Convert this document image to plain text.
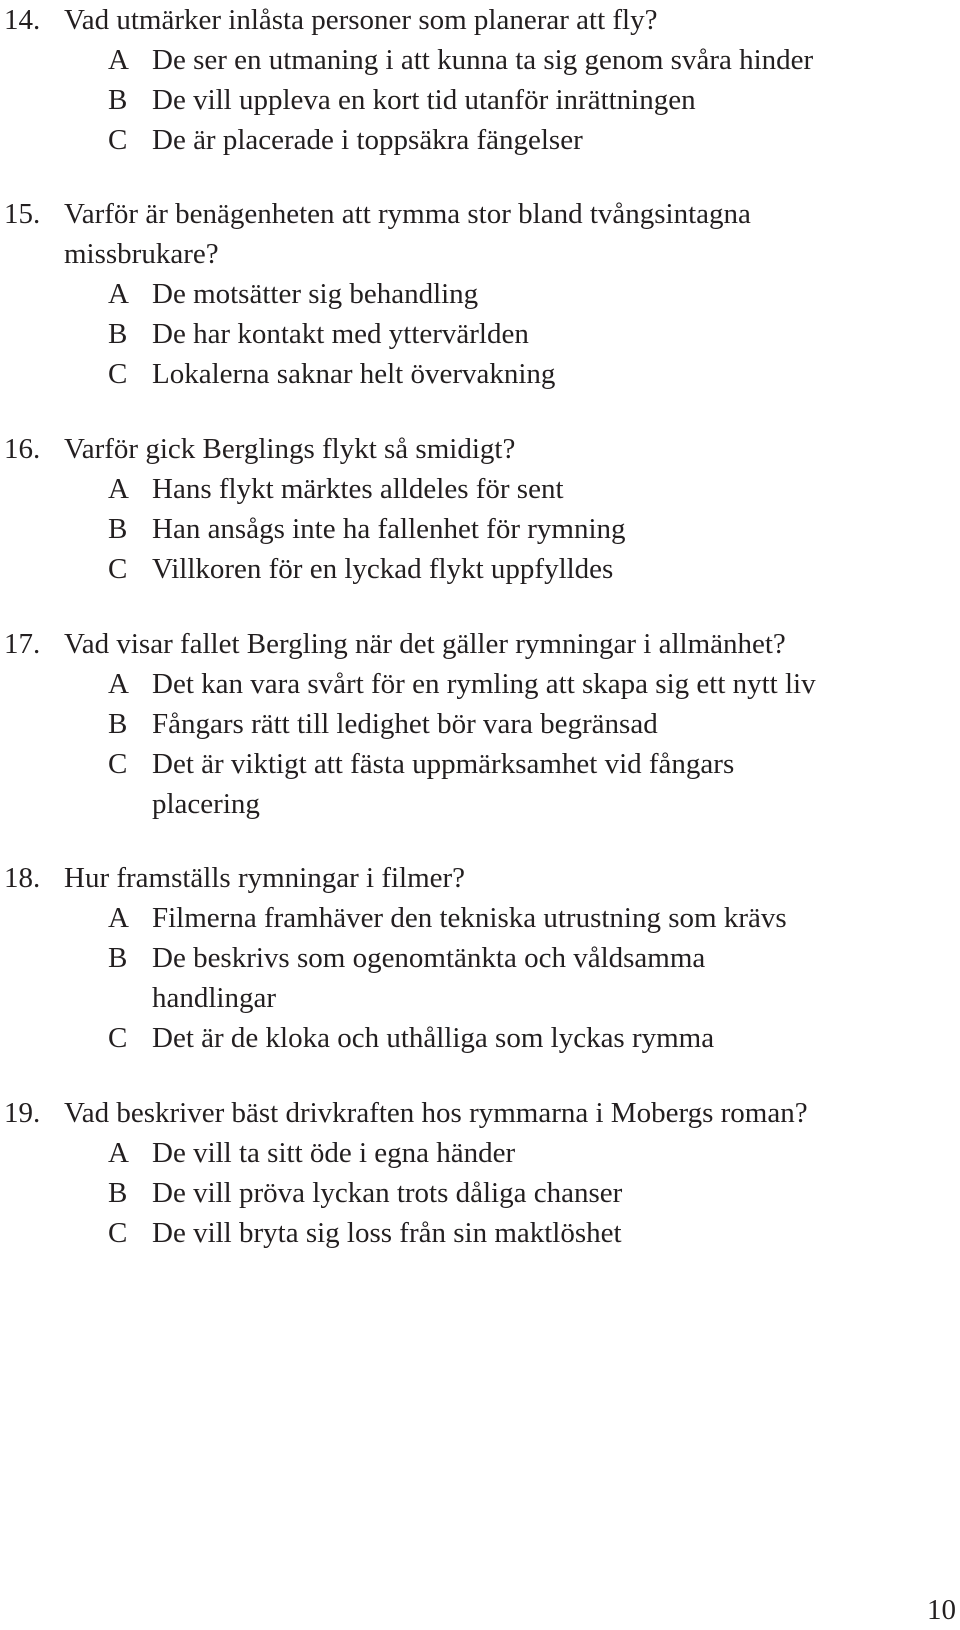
14. Vad utmärker inlåsta personer som planerar att fly?
A De ser en utmaning i att kunna ta sig genom svåra hinder
B De vill uppleva en kort tid utanför inrättningen
C De är placerade i toppsäkra fängelser
15. Varför är benägenheten att rymma stor bland tvångsintagna
missbrukare?
A De motsätter sig behandling
B De har kontakt med yttervärlden
C Lokalerna saknar helt övervakning
16. Varför gick Berglings flykt så smidigt?
A Hans flykt märktes alldeles för sent
B Han ansågs inte ha fallenhet för rymning
C Villkoren för en lyckad flykt uppfylldes
17. Vad visar fallet Bergling när det gäller rymningar i allmänhet?
A Det kan vara svårt för en rymling att skapa sig ett nytt liv
B Fångars rätt till ledighet bör vara begränsad
C Det är viktigt att fästa uppmärksamhet vid fångars
placering
18. Hur framställs rymningar i filmer?
A Filmerna framhäver den tekniska utrustning som krävs
B De beskrivs som ogenomtänkta och våldsamma
handlingar
C Det är de kloka och uthålliga som lyckas rymma
19. Vad beskriver bäst drivkraften hos rymmarna i Mobergs roman?
A De vill ta sitt öde i egna händer
B De vill pröva lyckan trots dåliga chanser
C De vill bryta sig loss från sin maktlöshet
10
